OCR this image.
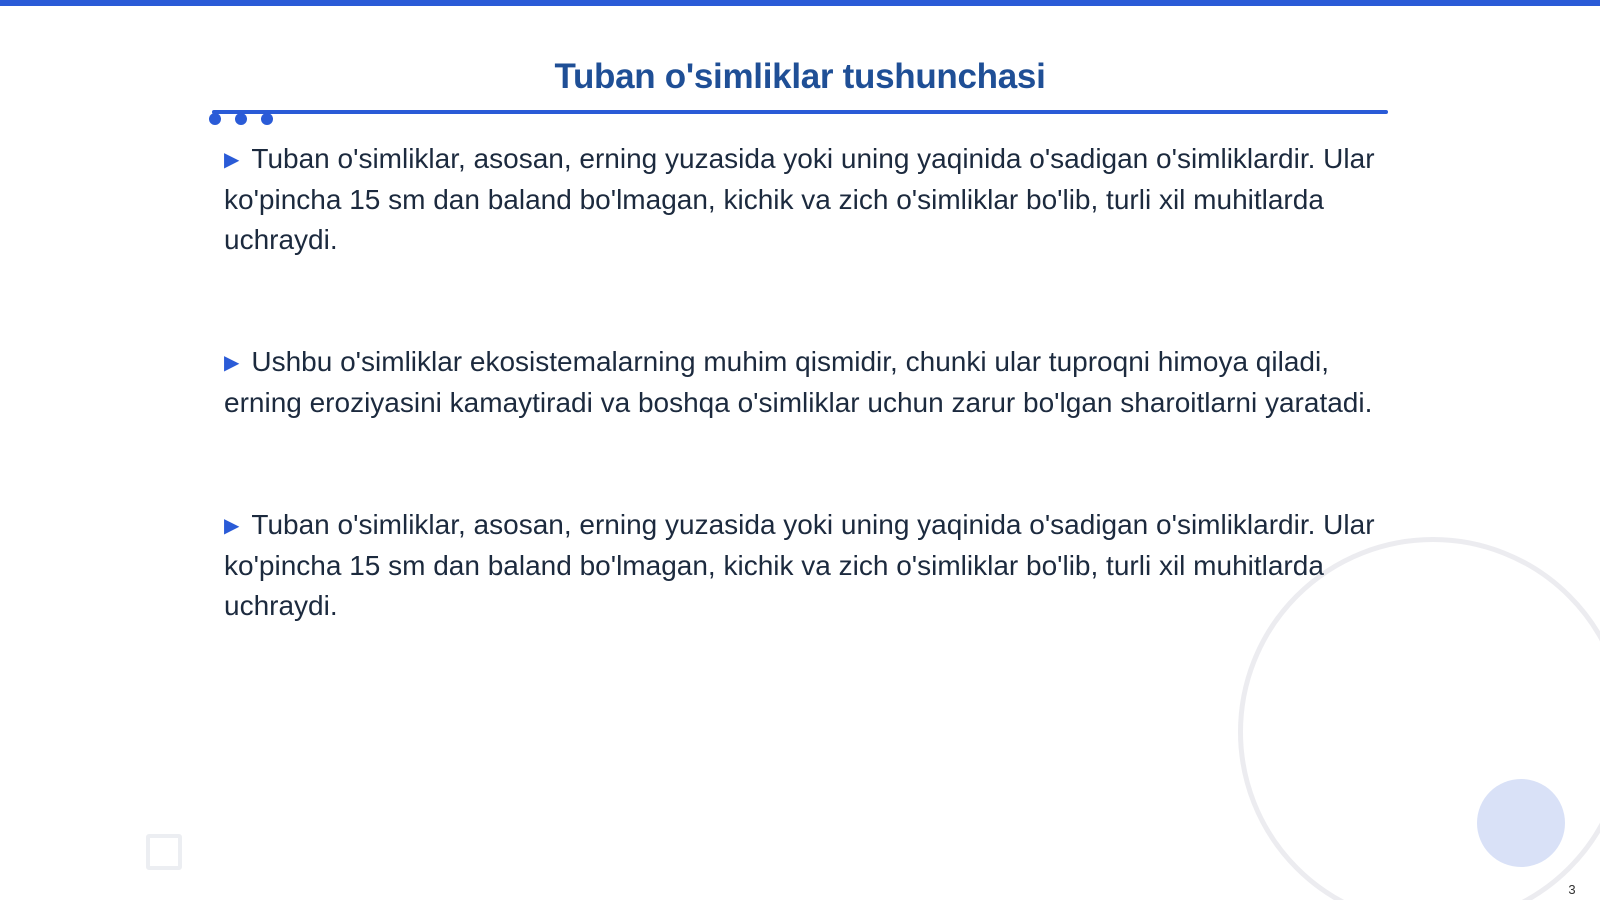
Tuban o'simliklar tushunchasi
▶ Tuban o'simliklar, asosan, erning yuzasida yoki uning yaqinida o'sadigan o'simliklardir. Ular ko'pincha 15 sm dan baland bo'lmagan, kichik va zich o'simliklar bo'lib, turli xil muhitlarda uchraydi.
▶ Ushbu o'simliklar ekosistemalarning muhim qismidir, chunki ular tuproqni himoya qiladi, erning eroziyasini kamaytiradi va boshqa o'simliklar uchun zarur bo'lgan sharoitlarni yaratadi.
▶ Tuban o'simliklar, asosan, erning yuzasida yoki uning yaqinida o'sadigan o'simliklardir. Ular ko'pincha 15 sm dan baland bo'lmagan, kichik va zich o'simliklar bo'lib, turli xil muhitlarda uchraydi.
3
